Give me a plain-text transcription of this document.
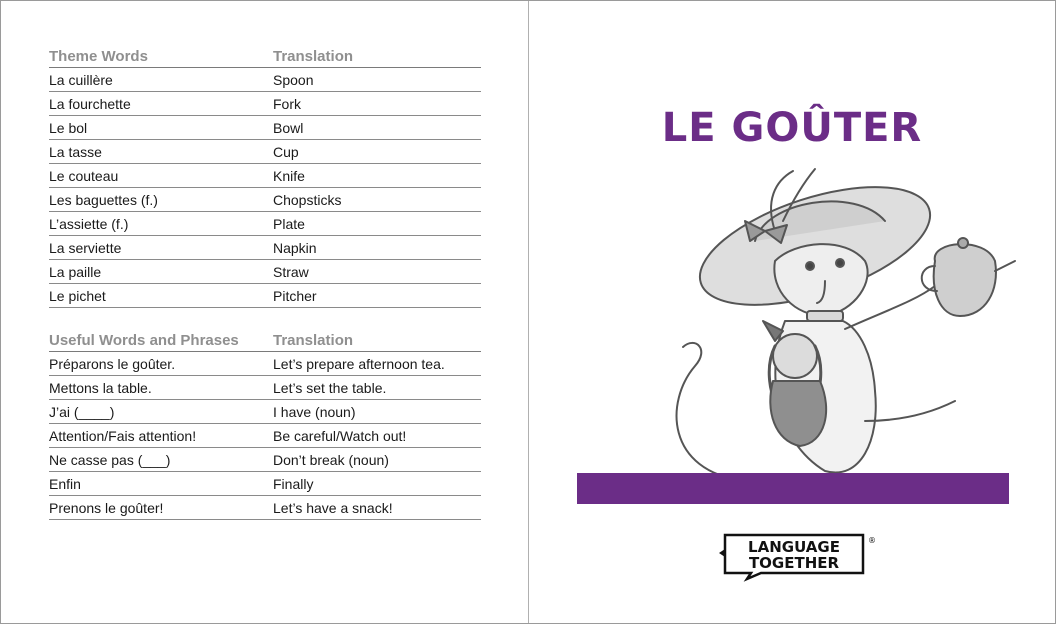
Theme Words	Translation
La cuillère	Spoon
La fourchette	Fork
Le bol	Bowl
La tasse	Cup
Le couteau	Knife
Les baguettes (f.)	Chopsticks
L’assiette (f.)	Plate
La serviette	Napkin
La paille	Straw
Le pichet	Pitcher
Useful Words and Phrases	Translation
Préparons le goûter.	Let’s prepare afternoon tea.
Mettons la table.	Let’s set the table.
J’ai (____)	I have (noun)
Attention/Fais attention!	Be careful/Watch out!
Ne casse pas (___)	Don’t break (noun)
Enfin	Finally
Prenons le goûter!	Let’s have a snack!
LE GOÛTER
LANGUAGE
TOGETHER
®
